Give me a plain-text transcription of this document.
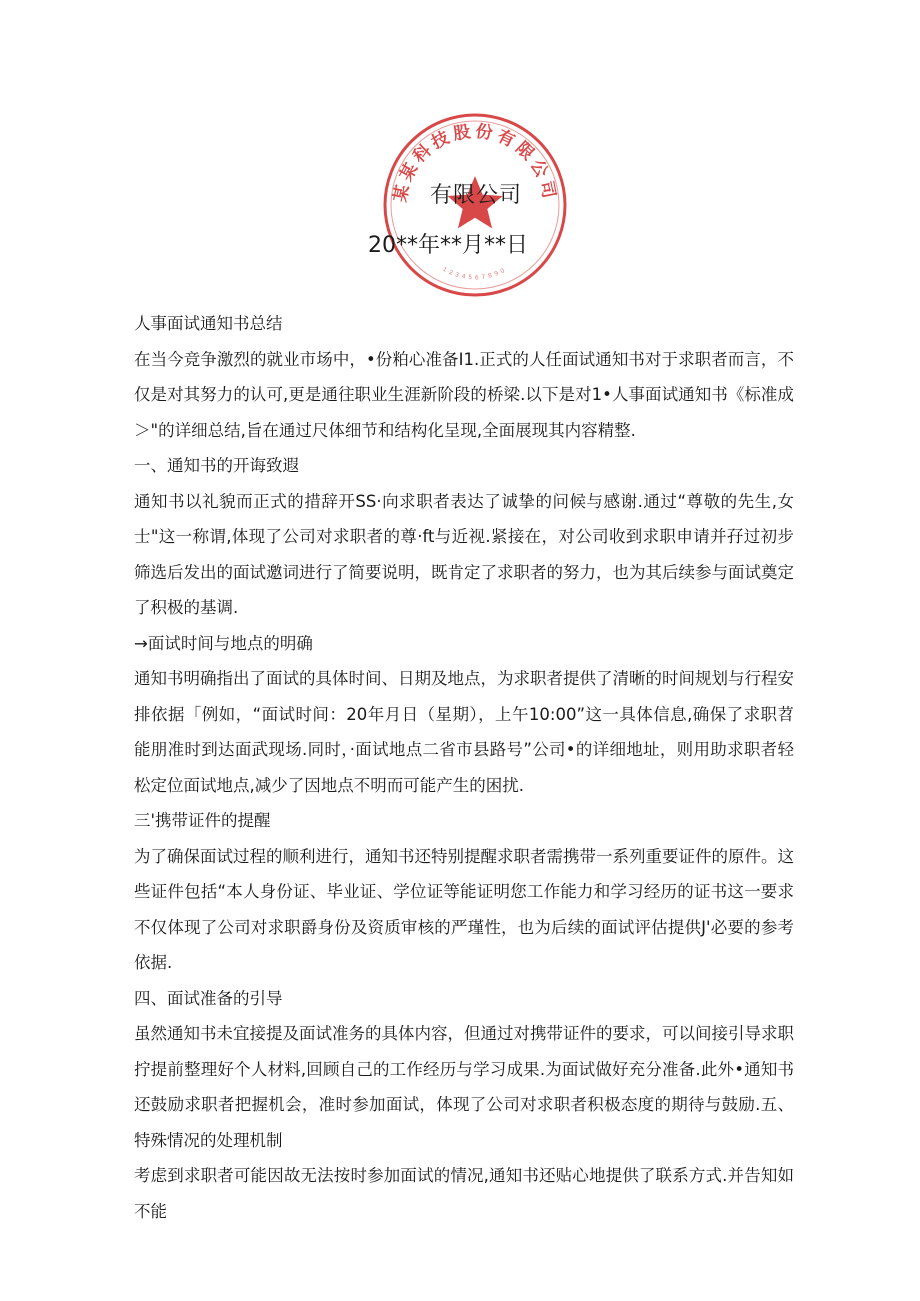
某某科技股份有限公司
1234567890
有限公司
20**年**月**日

人事面试通知书总结

在当今竞争激烈的就业市场中，•份粕心准备I1.正式的人任面试通知书对于求职者而言，不仅是对其努力的认可,更是通往职业生涯新阶段的桥梁.以下是对1•人事面试通知书《标准成＞"的详细总结,旨在通过尺体细节和结构化呈现,全面展现其内容精整.

一、通知书的开诲致遐

通知书以礼貌而正式的措辞开SS·向求职者表达了诚挚的问候与感谢.通过“尊敬的先生,女士"这一称谓,体现了公司对求职者的尊·ft与近视.紧接在，对公司收到求职申请并孖过初步筛选后发出的面试邀词进行了简要说明，既肯定了求职者的努力，也为其后续参与面试奠定了积极的基调.

→面试时间与地点的明确

通知书明确指出了面试的具体时间、日期及地点，为求职者提供了清晰的时间规划与行程安排依据「例如，“面试时间：20年月日（星期），上午10:00”这一具体信息,确保了求职苕能朋准时到达面武现场.同时，·面试地点二省市县路号”公司•的详细地址，则用助求职者轻松定位面试地点,减少了因地点不明而可能产生的困扰.

三'携带证件的提醒

为了确保面试过程的顺利进行，通知书还特别提醒求职者需携带一系列重要证件的原件。这些证件包括“本人身份证、毕业证、学位证等能证明您工作能力和学习经历的证书这一要求不仅体现了公司对求职爵身份及资质审核的严瑾性，也为后续的面试评估提供J'必要的参考依据.

四、面试准备的引导

虽然通知书未宜接提及面试准务的具体内容，但通过对携带证件的要求，可以间接引导求职拧提前整理好个人材料,回顾自己的工作经历与学习成果.为面试做好充分准备.此外•通知书还鼓励求职者把握机会，准时参加面试，体现了公司对求职者积极态度的期待与鼓励.五、特殊情况的处理机制

考虑到求职者可能因故无法按时参加面试的情况,通知书还贴心地提供了联系方式.并告知如不能
